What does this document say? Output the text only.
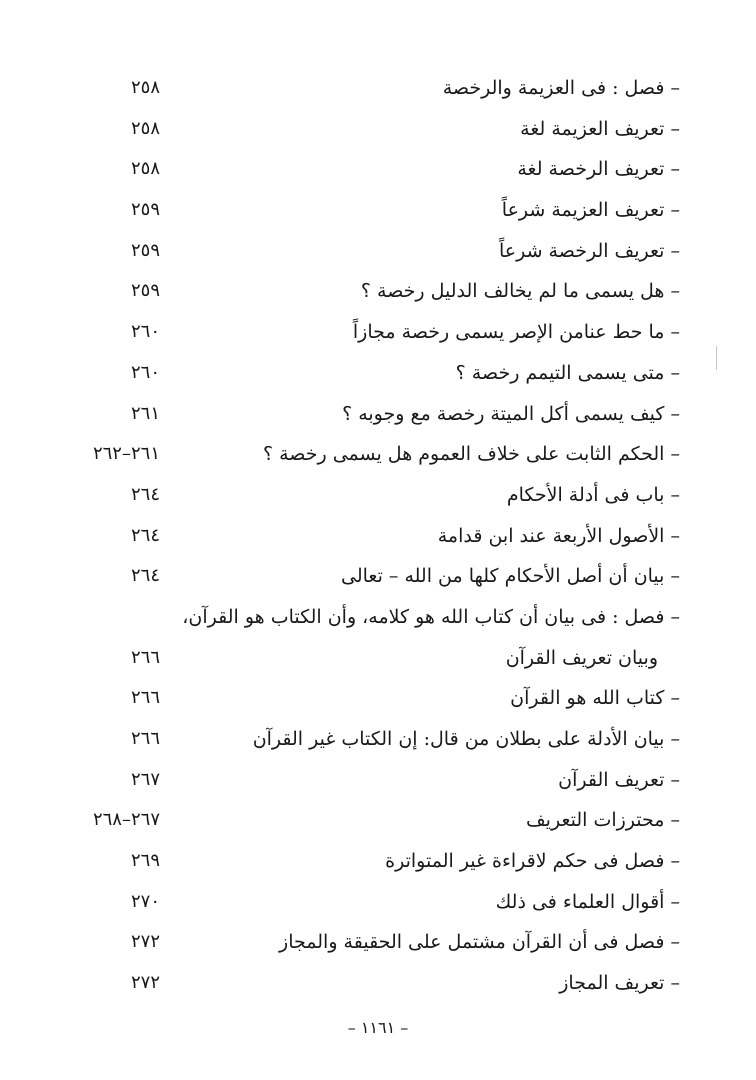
– فصل : فى العزيمة والرخصة
٢٥٨
– تعريف العزيمة لغة
٢٥٨
– تعريف الرخصة لغة
٢٥٨
– تعريف العزيمة شرعاً
٢٥٩
– تعريف الرخصة شرعاً
٢٥٩
– هل يسمى ما لم يخالف الدليل رخصة ؟
٢٥٩
– ما حط عنامن الإصر يسمى رخصة مجازاً
٢٦٠
– متى يسمى التيمم رخصة ؟
٢٦٠
– كيف يسمى أكل الميتة رخصة مع وجوبه ؟
٢٦١
– الحكم الثابت على خلاف العموم هل يسمى رخصة ؟
٢٦١–٢٦٢
– باب فى أدلة الأحكام
٢٦٤
– الأصول الأربعة عند ابن قدامة
٢٦٤
– بيان أن أصل الأحكام كلها من الله – تعالى
٢٦٤
– فصل : فى بيان أن كتاب الله هو كلامه، وأن الكتاب هو القرآن،
وبيان تعريف القرآن
٢٦٦
– كتاب الله هو القرآن
٢٦٦
– بيان الأدلة على بطلان من قال: إن الكتاب غير القرآن
٢٦٦
– تعريف القرآن
٢٦٧
– محترزات التعريف
٢٦٧–٢٦٨
– فصل فى حكم لاقراءة غير المتواترة
٢٦٩
– أقوال العلماء فى ذلك
٢٧٠
– فصل فى أن القرآن مشتمل على الحقيقة والمجاز
٢٧٢
– تعريف المجاز
٢٧٢
– ١١٦١ –
